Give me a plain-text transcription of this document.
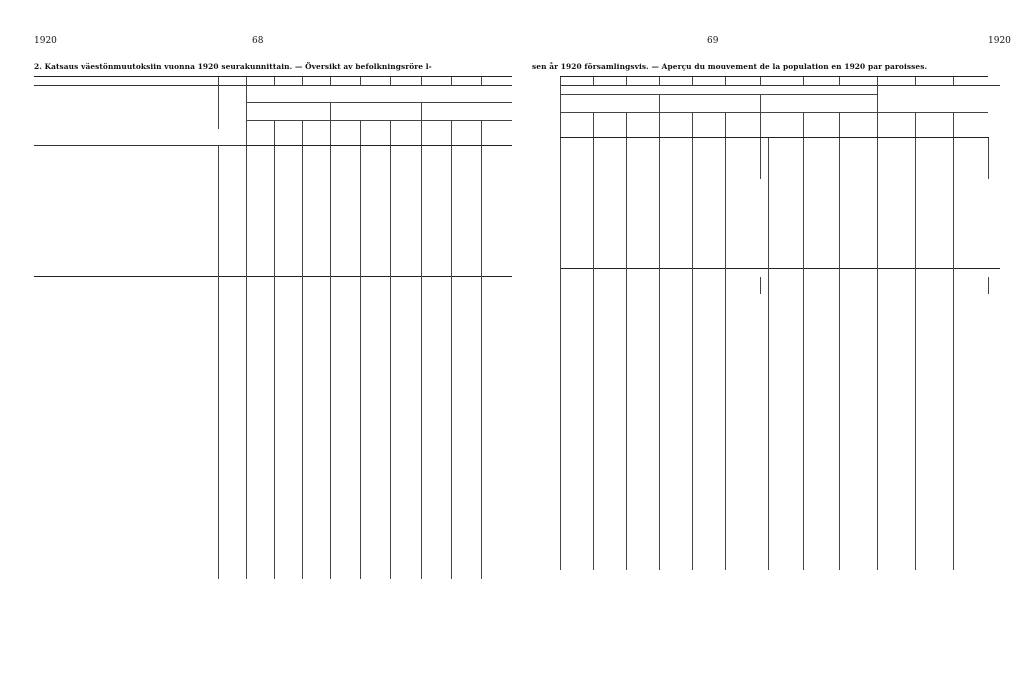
1920	68
2. Katsaus väestönmuutoksiin vuonna 1920 seurakunnittain. — Översikt av befolkningsröre l-

69	1920
sen år 1920 församlingsvis. — Aperçu du mouvement de la population en 1920 par paroisses.
